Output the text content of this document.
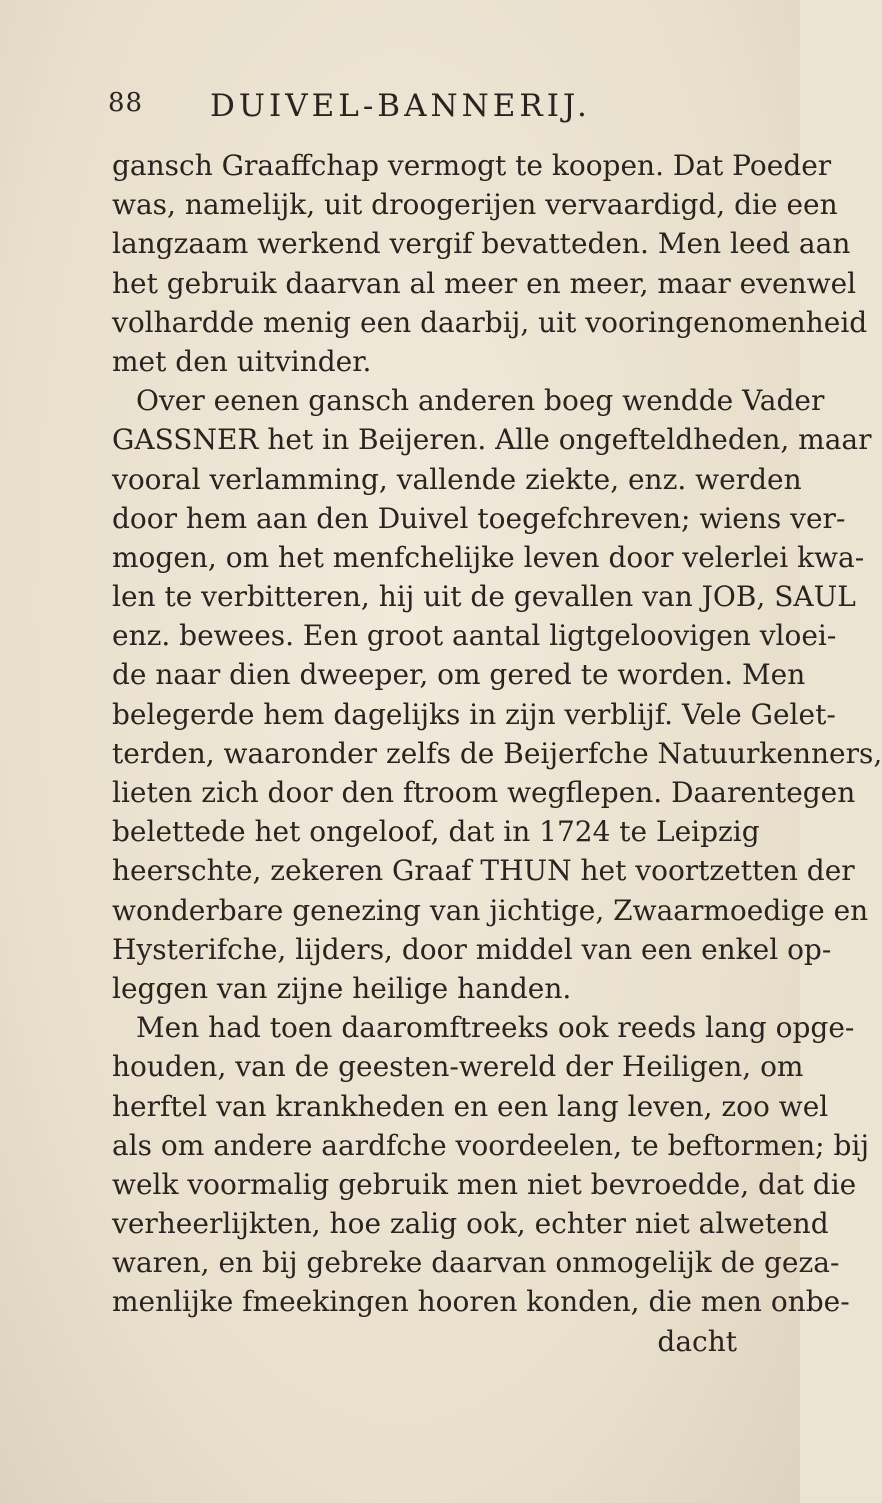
88 DUIVEL-BANNERIJ.
gansch Graaffchap vermogt te koopen. Dat Poeder
was, namelijk, uit droogerijen vervaardigd, die een
langzaam werkend vergif bevatteden. Men leed aan
het gebruik daarvan al meer en meer, maar evenwel
volhardde menig een daarbij, uit vooringenomenheid
met den uitvinder.
Over eenen gansch anderen boeg wendde Vader
GASSNER het in Beijeren. Alle ongefteldheden, maar
vooral verlamming, vallende ziekte, enz. werden
door hem aan den Duivel toegefchreven; wiens ver-
mogen, om het menfchelijke leven door velerlei kwa-
len te verbitteren, hij uit de gevallen van JOB, SAUL
enz. bewees. Een groot aantal ligtgeloovigen vloei-
de naar dien dweeper, om gered te worden. Men
belegerde hem dagelijks in zijn verblijf. Vele Gelet-
terden, waaronder zelfs de Beijerfche Natuurkenners,
lieten zich door den ftroom wegflepen. Daarentegen
belettede het ongeloof, dat in 1724 te Leipzig
heerschte, zekeren Graaf THUN het voortzetten der
wonderbare genezing van jichtige, Zwaarmoedige en
Hysterifche, lijders, door middel van een enkel op-
leggen van zijne heilige handen.
Men had toen daaromftreeks ook reeds lang opge-
houden, van de geesten-wereld der Heiligen, om
herftel van krankheden en een lang leven, zoo wel
als om andere aardfche voordeelen, te beftormen; bij
welk voormalig gebruik men niet bevroedde, dat die
verheerlijkten, hoe zalig ook, echter niet alwetend
waren, en bij gebreke daarvan onmogelijk de geza-
menlijke fmeekingen hooren konden, die men onbe-
dacht
